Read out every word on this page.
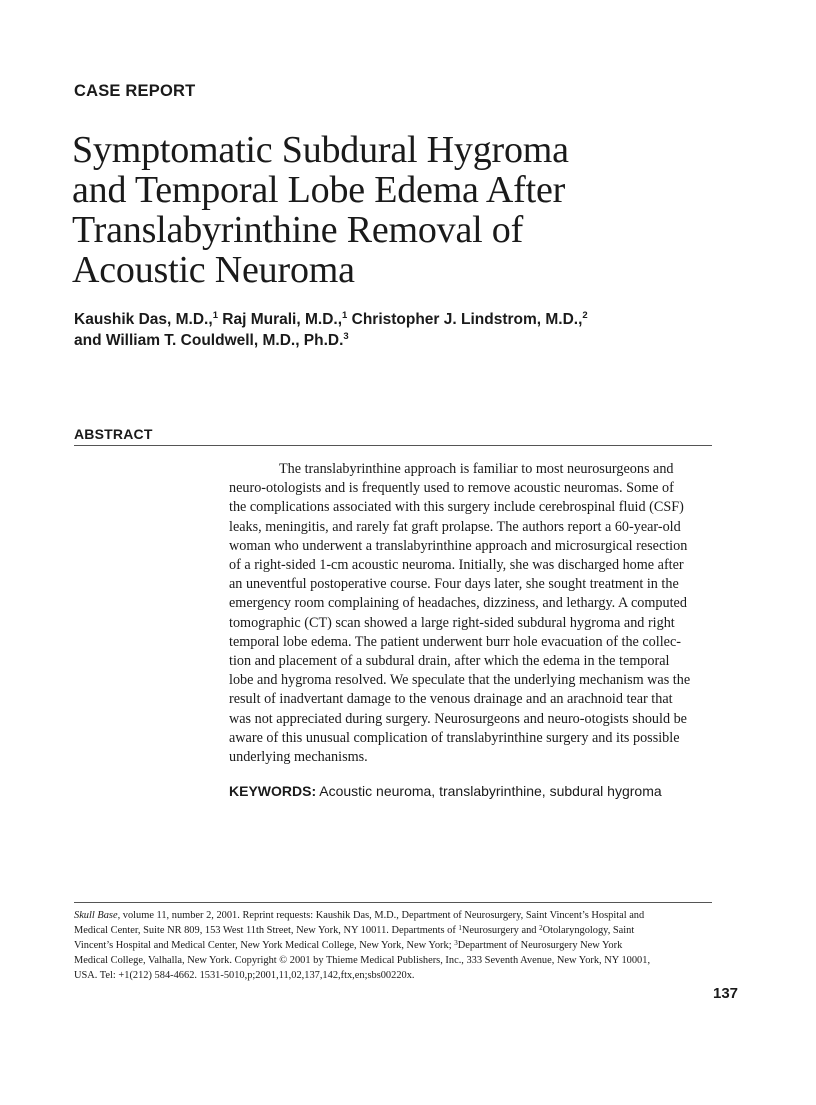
CASE REPORT
Symptomatic Subdural Hygroma
and Temporal Lobe Edema After
Translabyrinthine Removal of
Acoustic Neuroma
Kaushik Das, M.D.,$^1$ Raj Murali, M.D.,$^1$ Christopher J. Lindstrom, M.D.,$^2$
and William T. Couldwell, M.D., Ph.D.$^3$
ABSTRACT
The translabyrinthine approach is familiar to most neurosurgeons and
neuro-otologists and is frequently used to remove acoustic neuromas. Some of
the complications associated with this surgery include cerebrospinal fluid (CSF)
leaks, meningitis, and rarely fat graft prolapse. The authors report a 60-year-old
woman who underwent a translabyrinthine approach and microsurgical resection
of a right-sided 1-cm acoustic neuroma. Initially, she was discharged home after
an uneventful postoperative course. Four days later, she sought treatment in the
emergency room complaining of headaches, dizziness, and lethargy. A computed
tomographic (CT) scan showed a large right-sided subdural hygroma and right
temporal lobe edema. The patient underwent burr hole evacuation of the collec-
tion and placement of a subdural drain, after which the edema in the temporal
lobe and hygroma resolved. We speculate that the underlying mechanism was the
result of inadvertant damage to the venous drainage and an arachnoid tear that
was not appreciated during surgery. Neurosurgeons and neuro-otogists should be
aware of this unusual complication of translabyrinthine surgery and its possible
underlying mechanisms.
KEYWORDS: Acoustic neuroma, translabyrinthine, subdural hygroma
Skull Base, volume 11, number 2, 2001. Reprint requests: Kaushik Das, M.D., Department of Neurosurgery, Saint Vincent’s Hospital and
Medical Center, Suite NR 809, 153 West 11th Street, New York, NY 10011. Departments of $^1$Neurosurgery and $^2$Otolaryngology, Saint
Vincent’s Hospital and Medical Center, New York Medical College, New York, New York; $^3$Department of Neurosurgery New York
Medical College, Valhalla, New York. Copyright © 2001 by Thieme Medical Publishers, Inc., 333 Seventh Avenue, New York, NY 10001,
USA. Tel: +1(212) 584-4662. 1531-5010,p;2001,11,02,137,142,ftx,en;sbs00220x.
137
